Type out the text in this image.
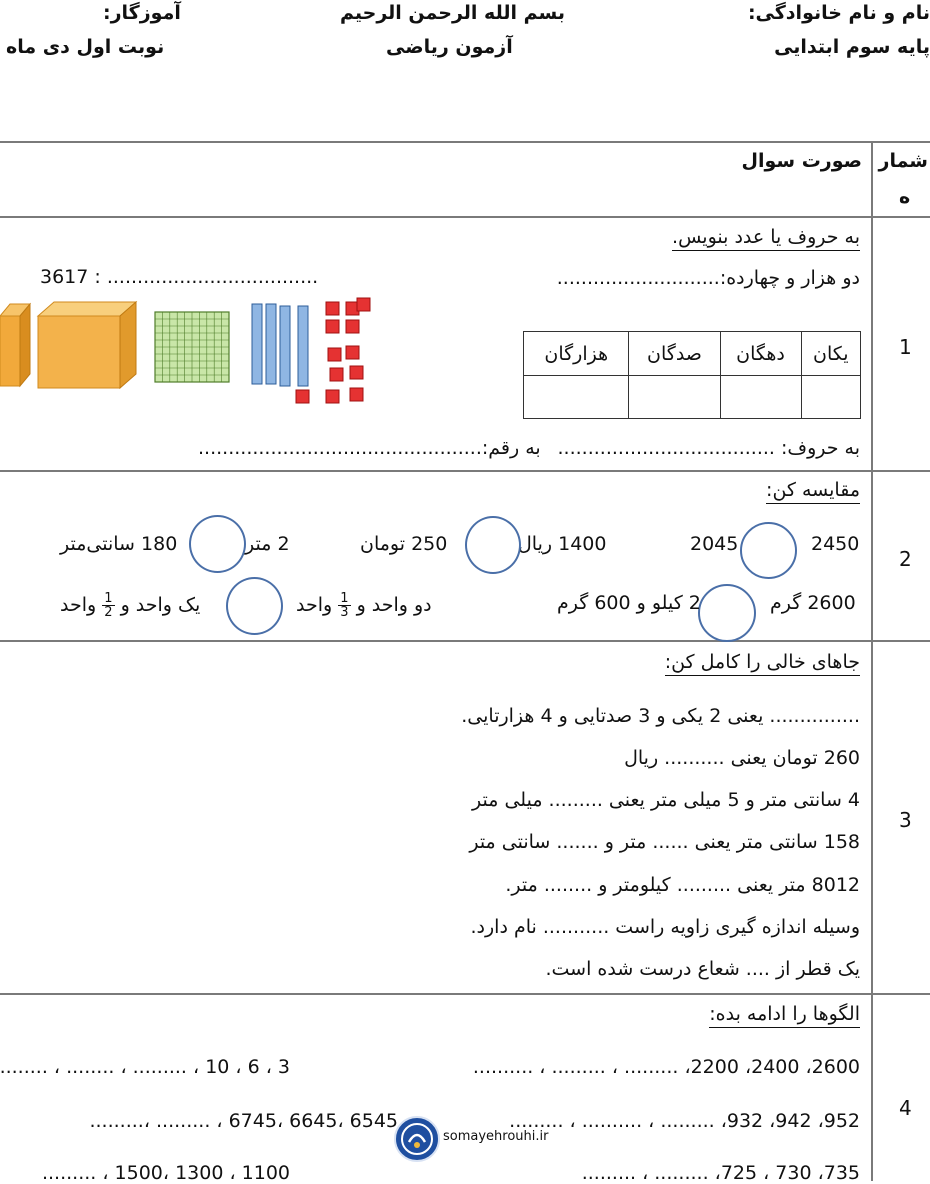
نام و نام خانوادگی:
بسم الله الرحمن الرحیم
آموزگار:
پایه سوم ابتدایی
آزمون ریاضی
نوبت اول دی ماه
شمار
ه
صورت سوال
1
به حروف یا عدد بنویس.
دو هزار و چهارده:...........................
3617 : ...................................
یکان	دهگان	صدگان	هزارگان

به حروف: ....................................
به رقم:...............................................
2
مقایسه کن:
2450
2045
1400 ریال
250 تومان
2 متر
180 سانتی‌متر
2600 گرم
2 کیلو و 600 گرم
دو واحد و
$\frac{1}{3}$
واحد
یک واحد و
$\frac{1}{2}$
واحد
3
جاهای خالی را کامل کن:
............... یعنی 2 یکی و 3 صدتایی و 4 هزارتایی.
260 تومان یعنی .......... ریال
4 سانتی متر و 5 میلی متر یعنی ......... میلی متر
158 سانتی متر یعنی ...... متر و ....... سانتی متر
8012 متر یعنی ......... کیلومتر و ........ متر.
وسیله اندازه گیری زاویه راست ........... نام دارد.
یک قطر از .... شعاع درست شده است.
4
الگوها را ادامه بده:
2600، 2400، 2200، ......... ، ......... ، ..........
3 ، 6 ، 10 ، ......... ، ........ ، ........
952، 942، 932، ......... ، .......... ، .........
6545 ،6645 ،6745 ، ......... ،.........
735، 730 ، 725، ......... ، .........
1100 ، 1300 ،1500 ، .........
somayehrouhi.ir
